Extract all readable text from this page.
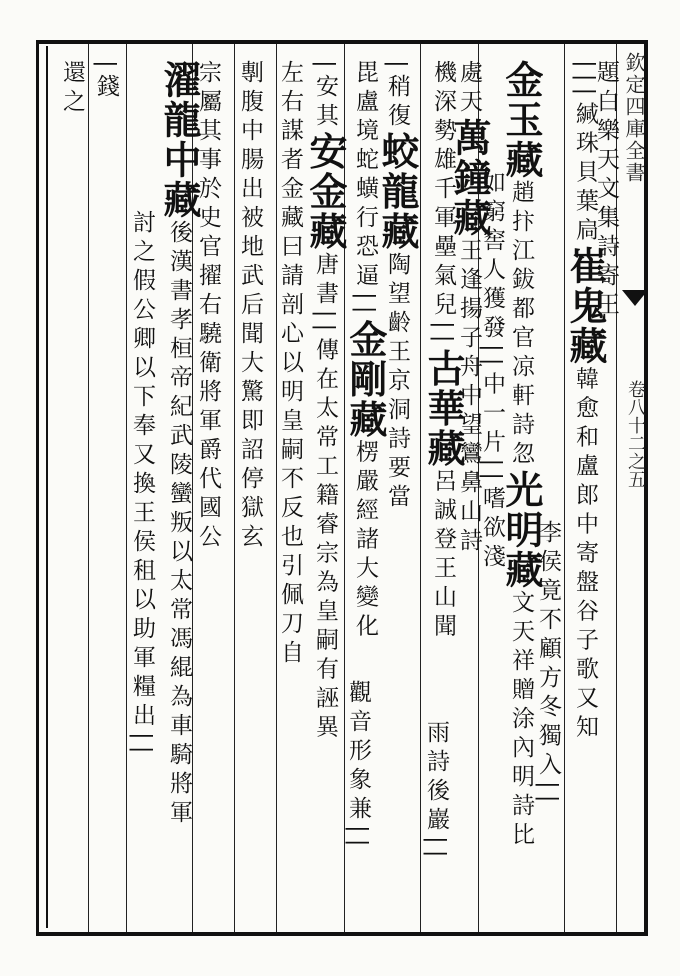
欽定四庫全書
卷八十二之五
題白樂天文集詩寄王
|||緘珠貝葉扃崔鬼藏韓愈和盧郎中寄盤谷子歌又知
李侯竟不顧方冬獨入||
金玉藏趙抃江鈸都官凉軒詩忽光明藏文天祥贈涂內明詩比
如窮窖人獲發||中一片||嗜欲淺
處天萬鐘藏王逢揚子舟中望鸞鼻山詩
機深勢雄千軍壘氣兒||古華藏呂誠登王山聞
雨詩後巖||
|稍復蛟龍藏陶望齡王京洞詩要當
毘盧境蛇蟥行恐逼||金剛藏楞嚴經諸大變化
觀音形象兼||
|安其安金藏唐書||傳在太常工籍睿宗為皇嗣有誣異
左右謀者金藏曰請剖心以明皇嗣不反也引佩刀自
剸腹中腸出被地武后聞大驚即詔停獄玄
宗屬其事於史官擢右驍衛將軍爵代國公
濯龍中藏後漢書孝桓帝紀武陵蠻叛以太常馮緄為車騎將軍
討之假公卿以下奉又換王侯租以助軍糧出||
|錢
還之
